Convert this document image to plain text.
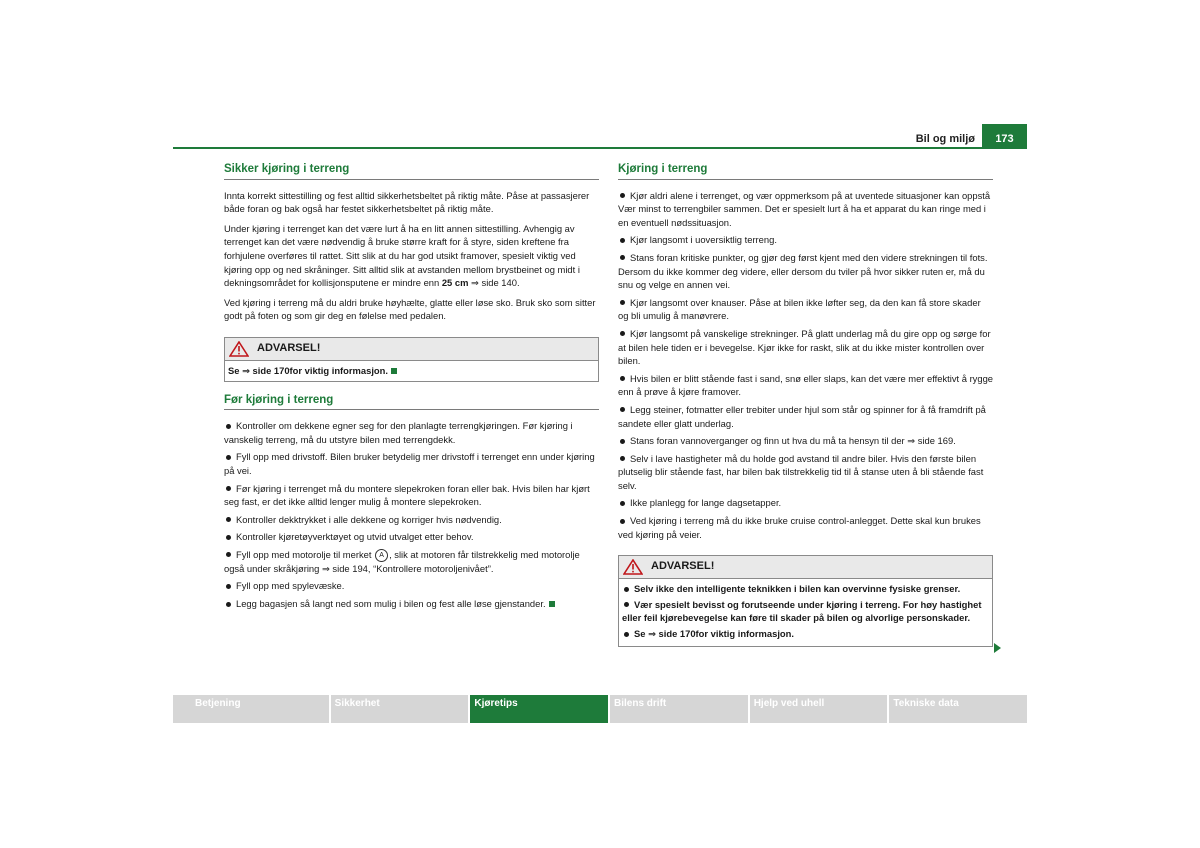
Bil og miljø	173
Sikker kjøring i terreng

Innta korrekt sittestilling og fest alltid sikkerhetsbeltet på riktig måte. Påse at passasjerer både foran og bak også har festet sikkerhetsbeltet på riktig måte.

Under kjøring i terrenget kan det være lurt å ha en litt annen sittestilling. Avhengig av terrenget kan det være nødvendig å bruke større kraft for å styre, siden kreftene fra forhjulene overføres til rattet. Sitt slik at du har god utsikt framover, spesielt viktig ved kjøring opp og ned skråninger. Sitt alltid slik at avstanden mellom brystbeinet og midt i dekningsområdet for kollisjonsputene er mindre enn 25 cm ⇒ side 140.

Ved kjøring i terreng må du aldri bruke høyhælte, glatte eller løse sko. Bruk sko som sitter godt på foten og som gir deg en følelse med pedalen.

ADVARSEL!
Se ⇒ side 170for viktig informasjon.
Før kjøring i terreng
Kontroller om dekkene egner seg for den planlagte terrengkjøringen. Før kjøring i vanskelig terreng, må du utstyre bilen med terrengdekk.
Fyll opp med drivstoff. Bilen bruker betydelig mer drivstoff i terrenget enn under kjøring på vei.
Før kjøring i terrenget må du montere slepekroken foran eller bak. Hvis bilen har kjørt seg fast, er det ikke alltid lenger mulig å montere slepekroken.
Kontroller dekktrykket i alle dekkene og korriger hvis nødvendig.
Kontroller kjøretøyverktøyet og utvid utvalget etter behov.
Fyll opp med motorolje til merket A , slik at motoren får tilstrekkelig med motorolje også under skråkjøring ⇒ side 194, “Kontrollere motoroljenivået”.
Fyll opp med spylevæske.
Legg bagasjen så langt ned som mulig i bilen og fest alle løse gjenstander.
Kjøring i terreng
Kjør aldri alene i terrenget, og vær oppmerksom på at uventede situasjoner kan oppstå Vær minst to terrengbiler sammen. Det er spesielt lurt å ha et apparat du kan ringe med i en eventuell nødssituasjon.
Kjør langsomt i uoversiktlig terreng.
Stans foran kritiske punkter, og gjør deg først kjent med den videre strekningen til fots. Dersom du ikke kommer deg videre, eller dersom du tviler på hvor sikker ruten er, må du snu og velge en annen vei.
Kjør langsomt over knauser. Påse at bilen ikke løfter seg, da den kan få store skader og bli umulig å manøvrere.
Kjør langsomt på vanskelige strekninger. På glatt underlag må du gire opp og sørge for at bilen hele tiden er i bevegelse. Kjør ikke for raskt, slik at du ikke mister kontrollen over bilen.
Hvis bilen er blitt stående fast i sand, snø eller slaps, kan det være mer effektivt å rygge enn å prøve å kjøre framover.
Legg steiner, fotmatter eller trebiter under hjul som står og spinner for å få framdrift på sandete eller glatt underlag.
Stans foran vannoverganger og finn ut hva du må ta hensyn til der ⇒ side 169.
Selv i lave hastigheter må du holde god avstand til andre biler. Hvis den første bilen plutselig blir stående fast, har bilen bak tilstrekkelig tid til å stanse uten å bli stående fast selv.
Ikke planlegg for lange dagsetapper.
Ved kjøring i terreng må du ikke bruke cruise control-anlegget. Dette skal kun brukes ved kjøring på veier.
ADVARSEL!
Selv ikke den intelligente teknikken i bilen kan overvinne fysiske grenser.
Vær spesielt bevisst og forutseende under kjøring i terreng. For høy hastighet eller feil kjørebevegelse kan føre til skader på bilen og alvorlige personskader.
Se ⇒ side 170for viktig informasjon.
Betjening	Sikkerhet	Kjøretips	Bilens drift	Hjelp ved uhell	Tekniske data
